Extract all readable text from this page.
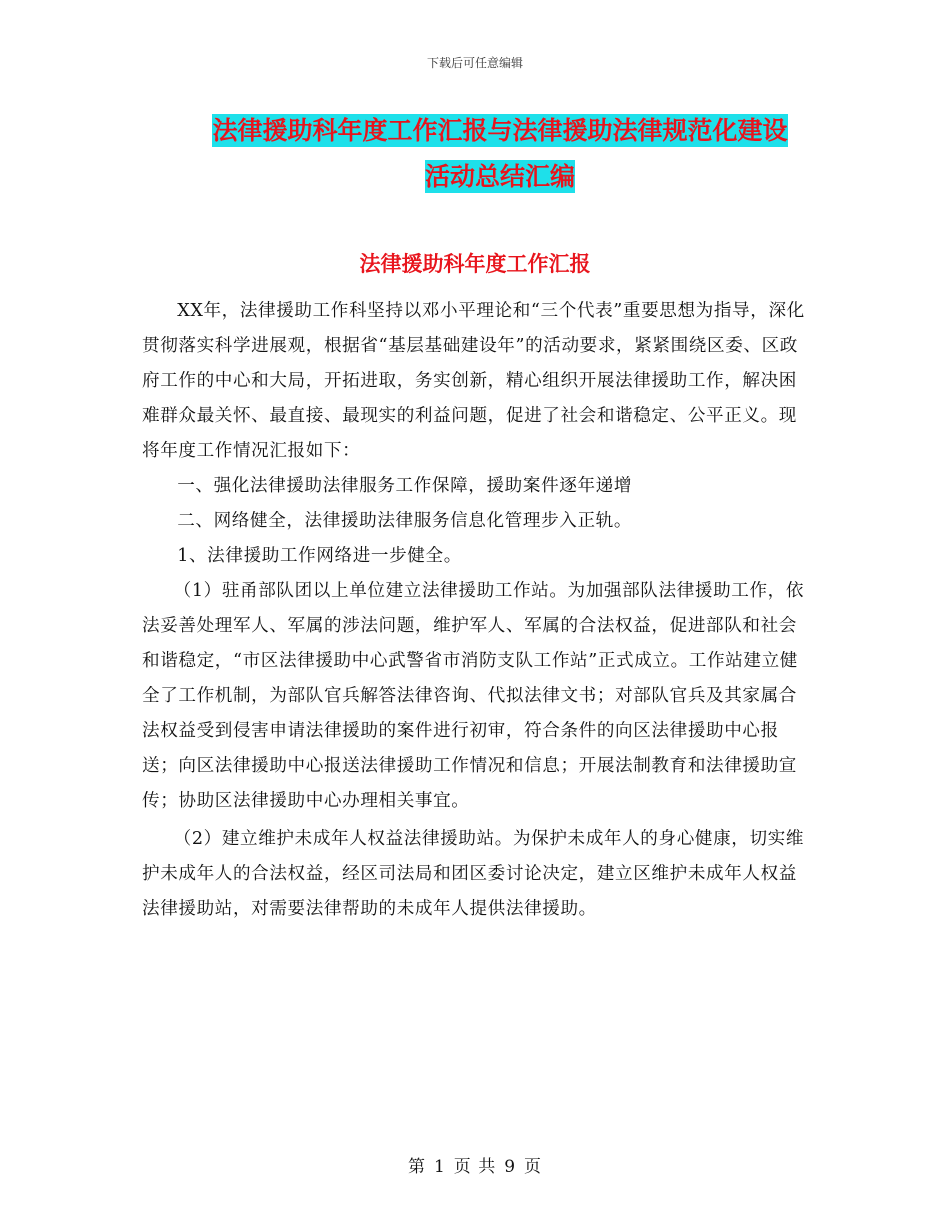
下载后可任意编辑
法律援助科年度工作汇报与法律援助法律规范化建设
活动总结汇编
法律援助科年度工作汇报

XX年，法律援助工作科坚持以邓小平理论和“三个代表”重要思想为指导，深化贯彻落实科学进展观，根据省“基层基础建设年”的活动要求，紧紧围绕区委、区政府工作的中心和大局，开拓进取，务实创新，精心组织开展法律援助工作，解决困难群众最关怀、最直接、最现实的利益问题，促进了社会和谐稳定、公平正义。现将年度工作情况汇报如下：

一、强化法律援助法律服务工作保障，援助案件逐年递增

二、网络健全，法律援助法律服务信息化管理步入正轨。

1、法律援助工作网络进一步健全。

（1）驻甬部队团以上单位建立法律援助工作站。为加强部队法律援助工作，依法妥善处理军人、军属的涉法问题，维护军人、军属的合法权益，促进部队和社会和谐稳定，“市区法律援助中心武警省市消防支队工作站”正式成立。工作站建立健全了工作机制，为部队官兵解答法律咨询、代拟法律文书；对部队官兵及其家属合法权益受到侵害申请法律援助的案件进行初审，符合条件的向区法律援助中心报送；向区法律援助中心报送法律援助工作情况和信息；开展法制教育和法律援助宣传；协助区法律援助中心办理相关事宜。

（2）建立维护未成年人权益法律援助站。为保护未成年人的身心健康，切实维护未成年人的合法权益，经区司法局和团区委讨论决定，建立区维护未成年人权益法律援助站，对需要法律帮助的未成年人提供法律援助。

第 1 页 共 9 页
